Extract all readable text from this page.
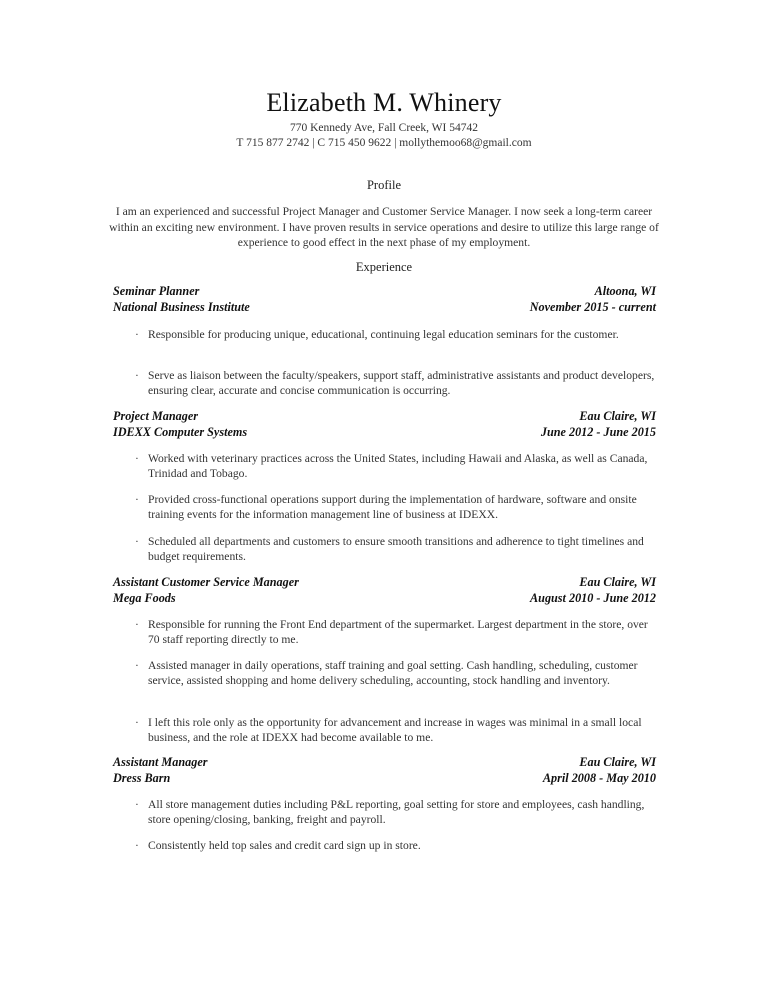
Elizabeth M. Whinery
770 Kennedy Ave, Fall Creek, WI 54742
T 715 877 2742 | C 715 450 9622 | mollythemoo68@gmail.com
Profile
I am an experienced and successful Project Manager and Customer Service Manager. I now seek a long-term career within an exciting new environment. I have proven results in service operations and desire to utilize this large range of experience to good effect in the next phase of my employment.
Experience
Seminar Planner	Altoona, WI
National Business Institute	November 2015 - current
· Responsible for producing unique, educational, continuing legal education seminars for the customer.
· Serve as liaison between the faculty/speakers, support staff, administrative assistants and product developers, ensuring clear, accurate and concise communication is occurring.
Project Manager	Eau Claire, WI
IDEXX Computer Systems	June 2012 - June 2015
· Worked with veterinary practices across the United States, including Hawaii and Alaska, as well as Canada, Trinidad and Tobago.
· Provided cross-functional operations support during the implementation of hardware, software and onsite training events for the information management line of business at IDEXX.
· Scheduled all departments and customers to ensure smooth transitions and adherence to tight timelines and budget requirements.
Assistant Customer Service Manager	Eau Claire, WI
Mega Foods	August 2010 - June 2012
· Responsible for running the Front End department of the supermarket. Largest department in the store, over 70 staff reporting directly to me.
· Assisted manager in daily operations, staff training and goal setting. Cash handling, scheduling, customer service, assisted shopping and home delivery scheduling, accounting, stock handling and inventory.
· I left this role only as the opportunity for advancement and increase in wages was minimal in a small local business, and the role at IDEXX had become available to me.
Assistant Manager	Eau Claire, WI
Dress Barn	April 2008 - May 2010
· All store management duties including P&L reporting, goal setting for store and employees, cash handling, store opening/closing, banking, freight and payroll.
· Consistently held top sales and credit card sign up in store.
